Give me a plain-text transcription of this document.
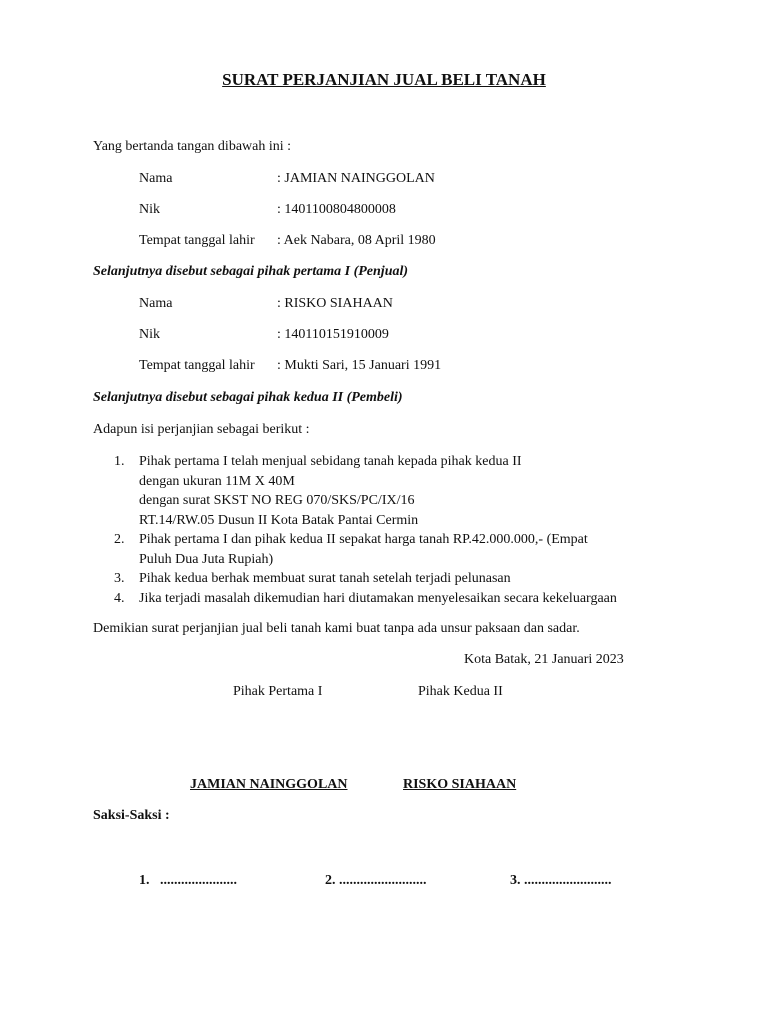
SURAT PERJANJIAN JUAL BELI TANAH
Yang bertanda tangan dibawah ini :
Nama	: JAMIAN NAINGGOLAN
Nik	: 1401100804800008
Tempat tanggal lahir : Aek Nabara, 08 April 1980
Selanjutnya disebut sebagai pihak pertama I (Penjual)
Nama	: RISKO SIAHAAN
Nik	: 140110151910009
Tempat tanggal lahir : Mukti Sari, 15 Januari 1991
Selanjutnya disebut sebagai pihak kedua II (Pembeli)
Adapun isi perjanjian sebagai berikut :
1. Pihak pertama I telah menjual sebidang tanah kepada pihak kedua II
dengan ukuran 11M X 40M
dengan surat SKST NO REG 070/SKS/PC/IX/16
RT.14/RW.05 Dusun II Kota Batak Pantai Cermin
2. Pihak pertama I dan pihak kedua II sepakat harga tanah RP.42.000.000,- (Empat
Puluh Dua Juta Rupiah)
3. Pihak kedua berhak membuat surat tanah setelah terjadi pelunasan
4. Jika terjadi masalah dikemudian hari diutamakan menyelesaikan secara kekeluargaan
Demikian surat perjanjian jual beli tanah kami buat tanpa ada unsur paksaan dan sadar.
Kota Batak, 21 Januari 2023
Pihak Pertama I	Pihak Kedua II
JAMIAN NAINGGOLAN	RISKO SIAHAAN
Saksi-Saksi :
1. ......................	2. .........................	3. .........................
